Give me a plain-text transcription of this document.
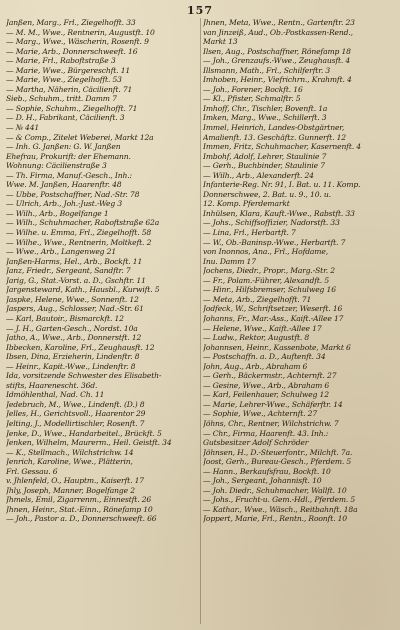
157
Janßen, Marg., Frl., Ziegelhofft. 33
— M. M., Wwe., Rentnerin, Augustft. 10
— Marg., Wwe., Wäscherin, Rosenft. 9
— Marie, Arb., Donnerschweeft. 16
— Marie, Frl., Raboftstraße 3
— Marie, Wwe., Bürgereschft. 11
— Marie, Wwe., Ziegelhofft. 53
— Martha, Näherin, Cäcilienft. 71
Sieb., Schuhm., tritt. Damm 7
— Sophie, Schuhm., Ziegelhofft. 71
— D. H., Fabrikant, Cäcilienft. 3
— № 441
— & Comp., Zitelet Weberei, Markt 12a
— Inh. G. Janßen: G. W. Janßen
Ehefrau, Prokurift: der Ehemann.
Wohnung: Cäcilienstraße 3
— Th. Firma, Manuf.-Gesch., Inh.:
Wwe. M. Janßen, Haarenftr. 48
— Ubbe, Postschaffner, Nad.-Str. 78
— Ulrich, Arb., Joh.-Just.-Weg 3
— Wilh., Arb., Bogelfange 1
— Wilh., Schuhmacher, Raboftstraße 62a
— Wilhe. u. Emma, Frl., Ziegelhofft. 58
— Wilhe., Wwe., Rentnerin, Moltkeft. 2
— Wwe., Arb., Langenweg 21
Janßen-Harms, Hel., Arb., Bockft. 11
Janz, Friedr., Sergeant, Sandftr. 7
Jarig, G., Stat.-Vorst. a. D., Gschftr. 11
Jargensteward, Kath., Hausbl., Kurwift. 5
Jaspke, Helene, Wwe., Sonnenft. 12
Jaspers, Aug., Schlosser, Nad.-Str. 61
— Karl, Bautoir., Bismarckft. 12
— J. H., Garten-Gesch., Nordst. 10a
Jatho, A., Wwe., Arb., Donnerstft. 12
Ibbecken, Karoline, Frl., Zeughausft. 12
Ibsen, Dina, Erzieherin, Lindenftr. 8
— Heinr., Kapit.-Wwe., Lindenftr. 8
Ida, vorsitzende Schwester des Elisabeth-
stifts, Haarenescht. 36d.
Idmöhlenthal, Nad. Ch. 11
Jedebruch, M., Wwe., Lindenft. (D.) 8
Jelles, H., Gerichtsvoll., Haarentor 29
Jelting, J., Modellirtischler, Rosenft. 7
Jenke, D., Wwe., Handarbeitel., Brückft. 5
Jenken, Wilhelm, Maurerm., Heil. Geistft. 34
— K., Stellmach., Wilchstrichw. 14
Jenrich, Karoline, Wwe., Plätterin,
Frl. Gessau. 6
v. Jhlenfeld, O., Hauptm., Kaiserft. 17
Jhly, Joseph, Manner, Bogelfange 2
Jhmels, Emil, Zigarrenm., Einnestft. 26
Jhnen, Heinr., Stat.-Einn., Rönefamp 10
— Joh., Pastor a. D., Donnerschweeft. 66
Jhnen, Meta, Wwe., Rentn., Gartenftr. 23
van Jinzeiß, Aud., Ob.-Postkassen-Rend.,
Markt 13
Ilsen, Aug., Postschaffner, Rönefamp 18
— Joh., Grenzaufs.-Wwe., Zeughausft. 4
Illsmann, Math., Frl., Schilferftr. 3
Imhoben, Heinr., Viefrichrn., Krahmft. 4
— Joh., Forener, Bockft. 16
— Kl., Pfister, Schmalftr. 5
Imhoff, Chr., Tischler, Bovenft. 1a
Imken, Marg., Wwe., Schillerft. 3
Immel, Heinrich, Landes-Obstgärtner,
Amalienft. 13. Geschäftz. Gunnerft. 12
Immen, Fritz, Schuhmacher, Kasernenft. 4
Imbohf, Adolf, Lehrer, Staulinie 7
— Gerh., Buchbinder, Staulinie 7
— Wilh., Arb., Alexanderft. 24
Infanterie-Reg. Nr. 91, I. Bat. u. 11. Komp.
Donnerschwee, 2. Bat. u. 9., 10. u.
12. Komp. Pferdemarkt
Inhülsen, Klara, Kauft.-Wwe., Rabstft. 33
— Johs., Schiffsoffizier, Nadorstft. 33
— Lina, Frl., Herbartft. 7
— W., Ob.-Baninsp.-Wwe., Herbartft. 7
von Inonnos, Ana., Frl., Hofdame,
Inu. Damm 17
Jochens, Diedr., Propr., Marg.-Str. 2
— Fr., Polam.-Führer, Alexandft. 5
— Hinr., Hilfsbremser, Schulweg 16
— Meta, Arb., Ziegelhofft. 71
Jodfeck, W., Schriftsetzer, Weserft. 16
Johanns, Fr., Mar.-Ass., Kaift.-Allee 17
— Helene, Wwe., Kaift.-Allee 17
— Ludw., Rektor, Augustft. 8
Johannsen, Heinr., Kassenbote, Markt 6
— Postschaffn. a. D., Auftenft. 34
John, Aug., Arb., Abraham 6
— Gerh., Bäckermstr., Achternft. 27
— Gesine, Wwe., Arb., Abraham 6
— Karl, Feilenhauer, Schulweg 12
— Marie, Lehrer-Wwe., Schäferftr. 14
— Sophie, Wwe., Achternft. 27
Jöhns, Chr., Rentner, Wilchstrichw. 7
— Chr., Firma, Haarenft. 43. Inh.:
Gutsbesitzer Adolf Schröder
Jöhnsen, H., D.-Steuerfontr., Milchft. 7a.
Joost, Gerh., Bureau-Gesch., Pferdem. 5
— Hann., Berkaufsfrau, Bockft. 10
— Joh., Sergeant, Johannisft. 10
— Joh. Diedr., Schuhmacher, Wallft. 10
— Johs., Frucht-u. Gem.-Hdl., Pferdem. 5
— Kathar., Wwe., Wäsch., Reitbahnft. 18a
Joppert, Marie, Frl., Rentn., Roonft. 10
